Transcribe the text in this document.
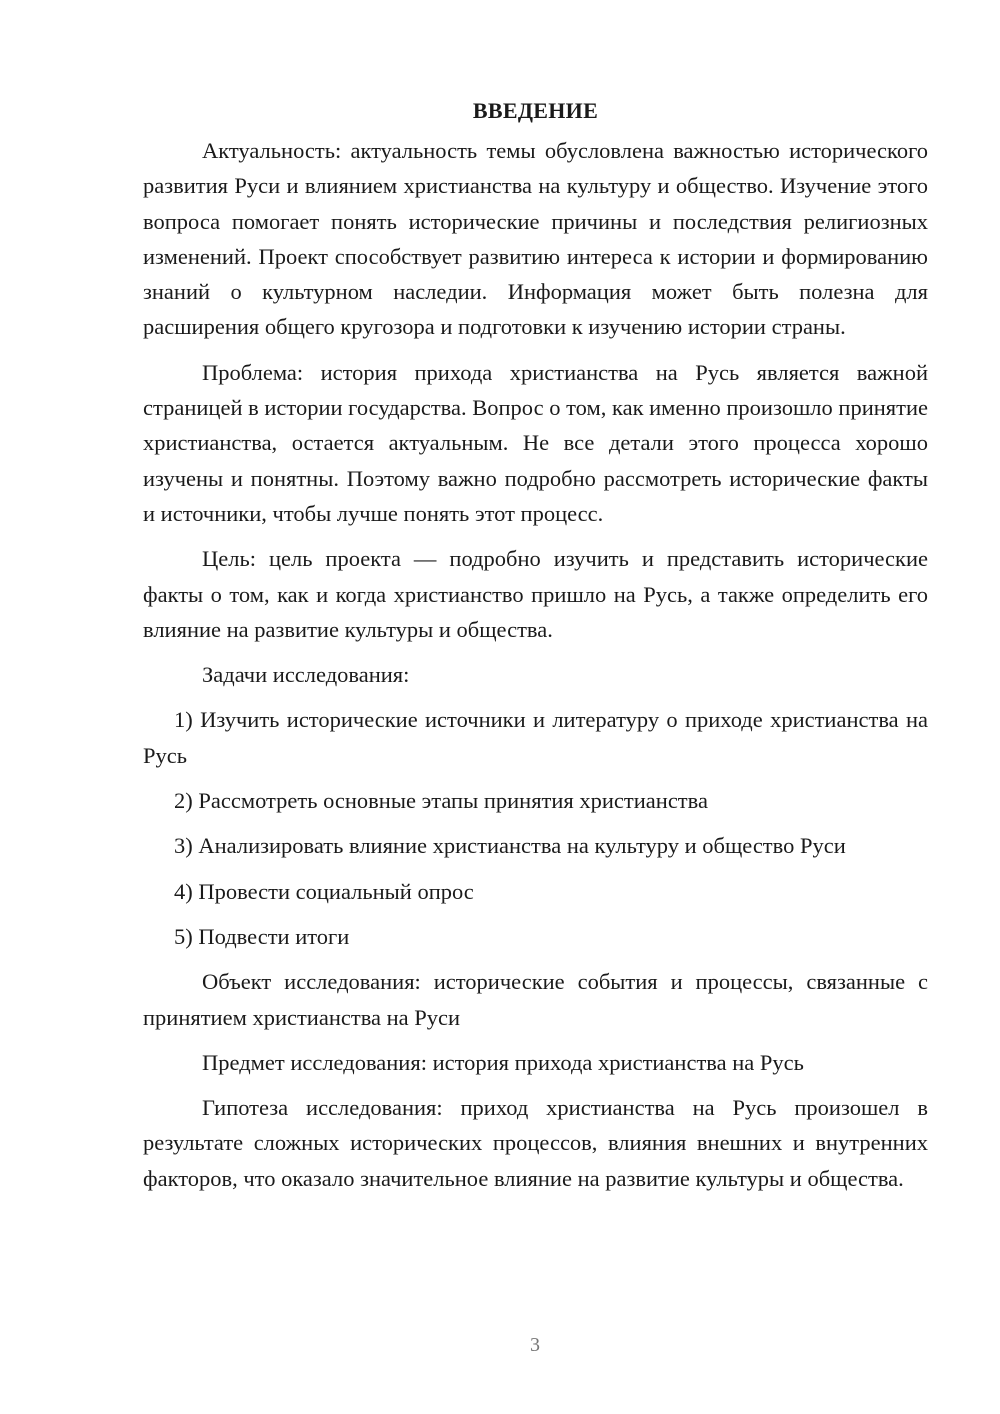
ВВЕДЕНИЕ

Актуальность: актуальность темы обусловлена важностью исторического развития Руси и влиянием христианства на культуру и общество. Изучение этого вопроса помогает понять исторические причины и последствия религиозных изменений. Проект способствует развитию интереса к истории и формированию знаний о культурном наследии. Информация может быть полезна для расширения общего кругозора и подготовки к изучению истории страны.

Проблема: история прихода христианства на Русь является важной страницей в истории государства. Вопрос о том, как именно произошло принятие христианства, остается актуальным. Не все детали этого процесса хорошо изучены и понятны. Поэтому важно подробно рассмотреть исторические факты и источники, чтобы лучше понять этот процесс.

Цель: цель проекта — подробно изучить и представить исторические факты о том, как и когда христианство пришло на Русь, а также определить его влияние на развитие культуры и общества.

Задачи исследования:

1) Изучить исторические источники и литературу о приходе христианства на Русь

2) Рассмотреть основные этапы принятия христианства

3) Анализировать влияние христианства на культуру и общество Руси

4) Провести социальный опрос

5) Подвести итоги

Объект исследования: исторические события и процессы, связанные с принятием христианства на Руси

Предмет исследования: история прихода христианства на Русь

Гипотеза исследования: приход христианства на Русь произошел в результате сложных исторических процессов, влияния внешних и внутренних факторов, что оказало значительное влияние на развитие культуры и общества.

3
